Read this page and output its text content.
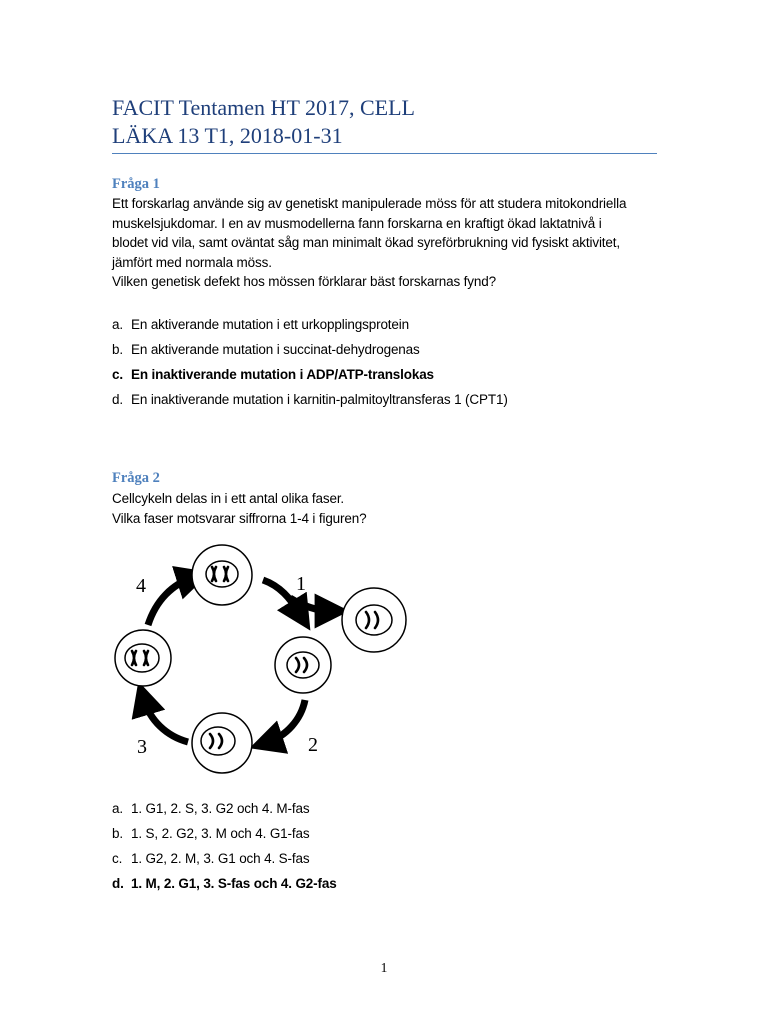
FACIT Tentamen HT 2017, CELL
LÄKA 13 T1, 2018-01-31
Fråga 1
Ett forskarlag använde sig av genetiskt manipulerade möss för att studera mitokondriella
muskelsjukdomar. I en av musmodellerna fann forskarna en kraftigt ökad laktatnivå i
blodet vid vila, samt oväntat såg man minimalt ökad syreförbrukning vid fysiskt aktivitet,
jämfört med normala möss.
Vilken genetisk defekt hos mössen förklarar bäst forskarnas fynd?
a. En aktiverande mutation i ett urkopplingsprotein
b. En aktiverande mutation i succinat-dehydrogenas
c. En inaktiverande mutation i ADP/ATP-translokas
d. En inaktiverande mutation i karnitin-palmitoyltransferas 1 (CPT1)
Fråga 2
Cellcykeln delas in i ett antal olika faser.
Vilka faser motsvarar siffrorna 1-4 i figuren?
1
2
3
4
a. 1. G1, 2. S, 3. G2 och 4. M-fas
b. 1. S, 2. G2, 3. M och 4. G1-fas
c. 1. G2, 2. M, 3. G1 och 4. S-fas
d. 1. M, 2. G1, 3. S-fas och 4. G2-fas
1
